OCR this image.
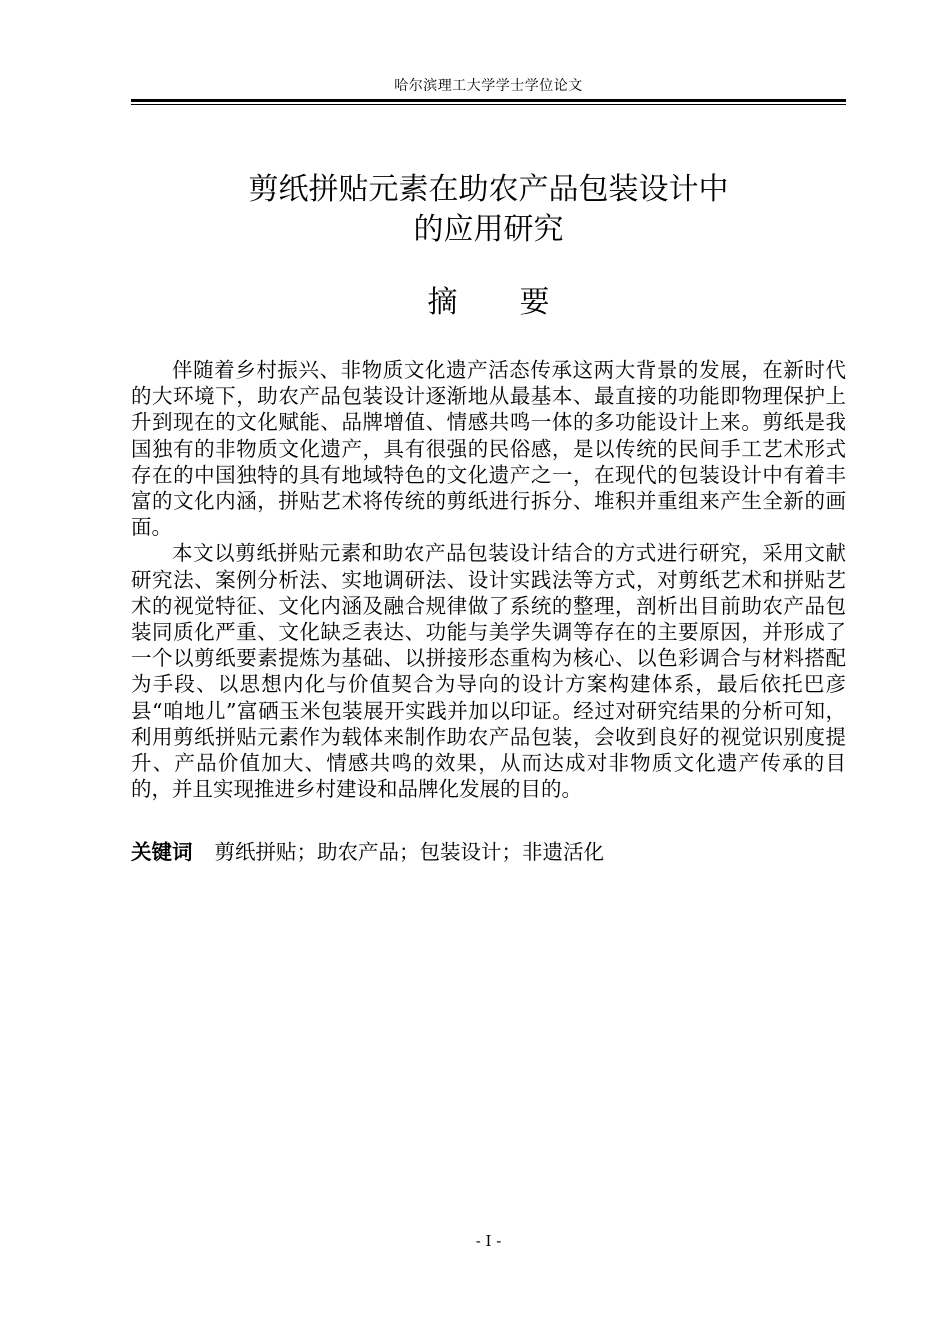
哈尔滨理工大学学士学位论文
剪纸拼贴元素在助农产品包装设计中
的应用研究
摘 要

伴随着乡村振兴、非物质文化遗产活态传承这两大背景的发展，在新时代的大环境下，助农产品包装设计逐渐地从最基本、最直接的功能即物理保护上升到现在的文化赋能、品牌增值、情感共鸣一体的多功能设计上来。剪纸是我国独有的非物质文化遗产，具有很强的民俗感，是以传统的民间手工艺术形式存在的中国独特的具有地域特色的文化遗产之一，在现代的包装设计中有着丰富的文化内涵，拼贴艺术将传统的剪纸进行拆分、堆积并重组来产生全新的画面。

本文以剪纸拼贴元素和助农产品包装设计结合的方式进行研究，采用文献研究法、案例分析法、实地调研法、设计实践法等方式，对剪纸艺术和拼贴艺术的视觉特征、文化内涵及融合规律做了系统的整理，剖析出目前助农产品包装同质化严重、文化缺乏表达、功能与美学失调等存在的主要原因，并形成了一个以剪纸要素提炼为基础、以拼接形态重构为核心、以色彩调合与材料搭配为手段、以思想内化与价值契合为导向的设计方案构建体系，最后依托巴彦县“咱地儿”富硒玉米包装展开实践并加以印证。经过对研究结果的分析可知，利用剪纸拼贴元素作为载体来制作助农产品包装，会收到良好的视觉识别度提升、产品价值加大、情感共鸣的效果，从而达成对非物质文化遗产传承的目的，并且实现推进乡村建设和品牌化发展的目的。

关键词 剪纸拼贴；助农产品；包装设计；非遗活化
- I -
